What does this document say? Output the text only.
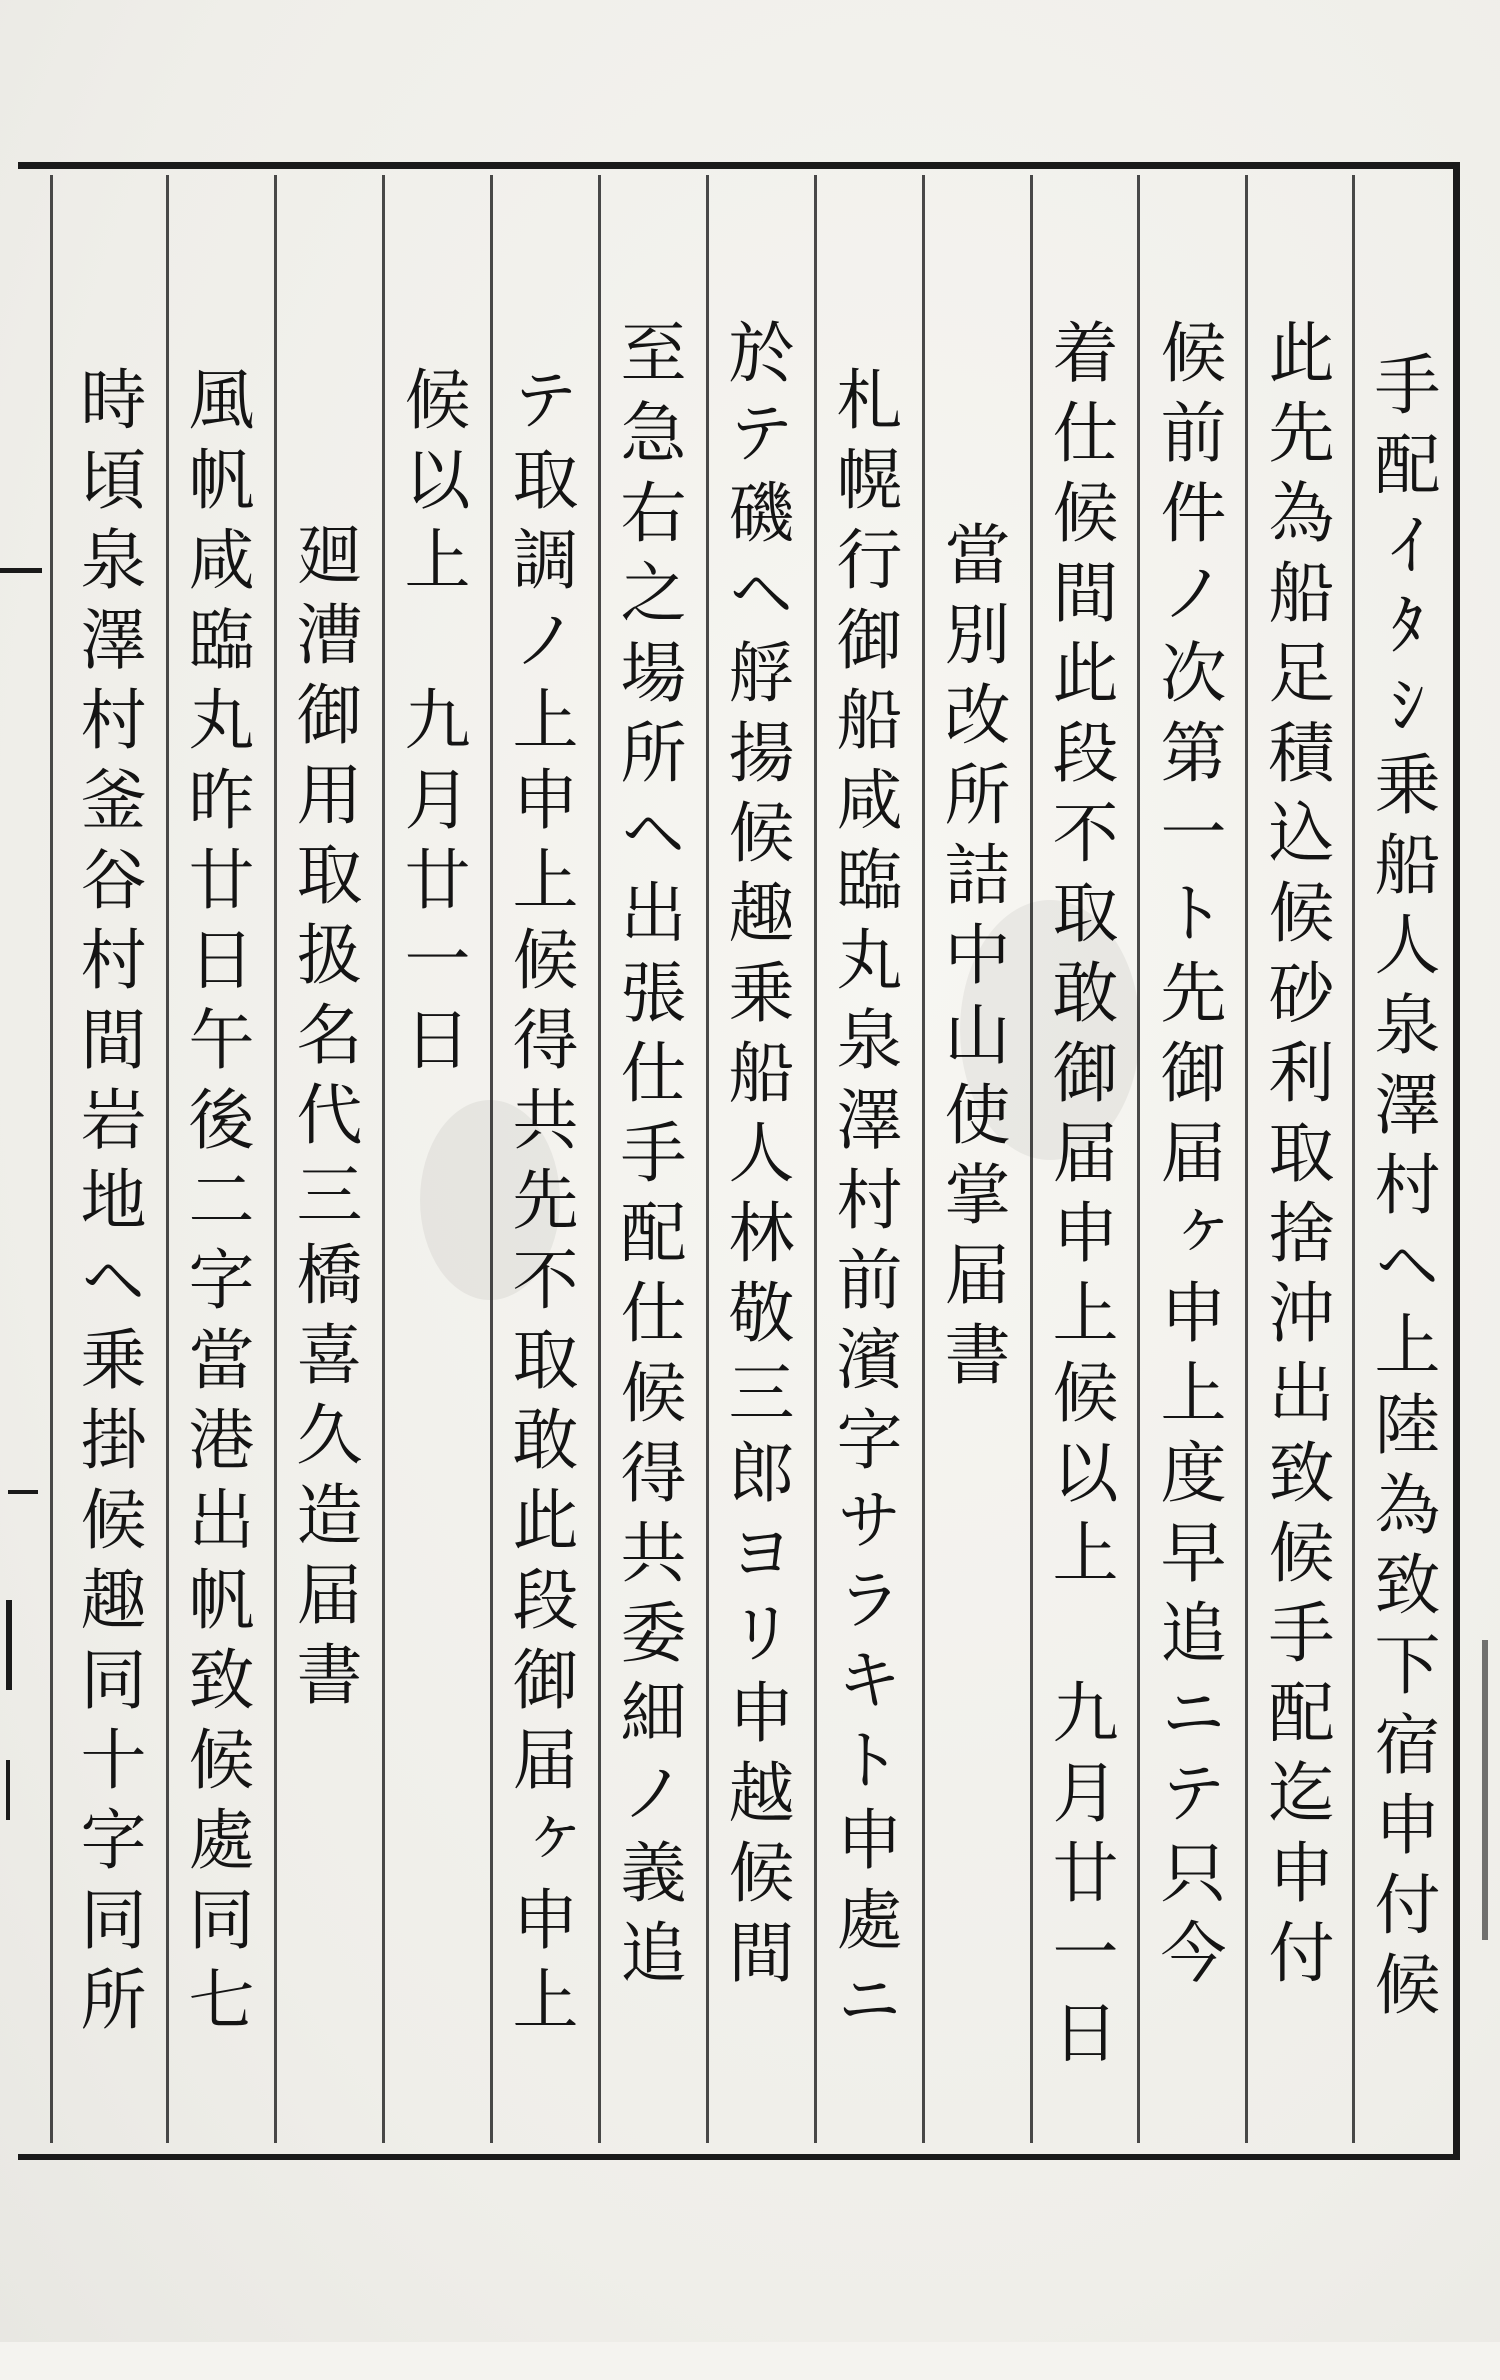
手配ｲﾀｼ乗船人泉澤村ヘ上陸為致下宿申付候
此先為船足積込候砂利取捨沖出致候手配迄申付
候前件ノ次第一ト先御届ヶ申上度早追ニテ只今
着仕候間此段不取敢御届申上候以上　九月廿一日
當別改所詰中山使掌届書
札幌行御船咸臨丸泉澤村前濱字サラキト申處ニ
於テ磯ヘ艀揚候趣乗船人林敬三郎ヨリ申越候間
至急右之場所ヘ出張仕手配仕候得共委細ノ義追
テ取調ノ上申上候得共先不取敢此段御届ヶ申上
候以上　九月廿一日
廻漕御用取扱名代三橋喜久造届書
風帆咸臨丸昨廿日午後二字當港出帆致候處同七
時頃泉澤村釜谷村間岩地ヘ乗掛候趣同十字同所
